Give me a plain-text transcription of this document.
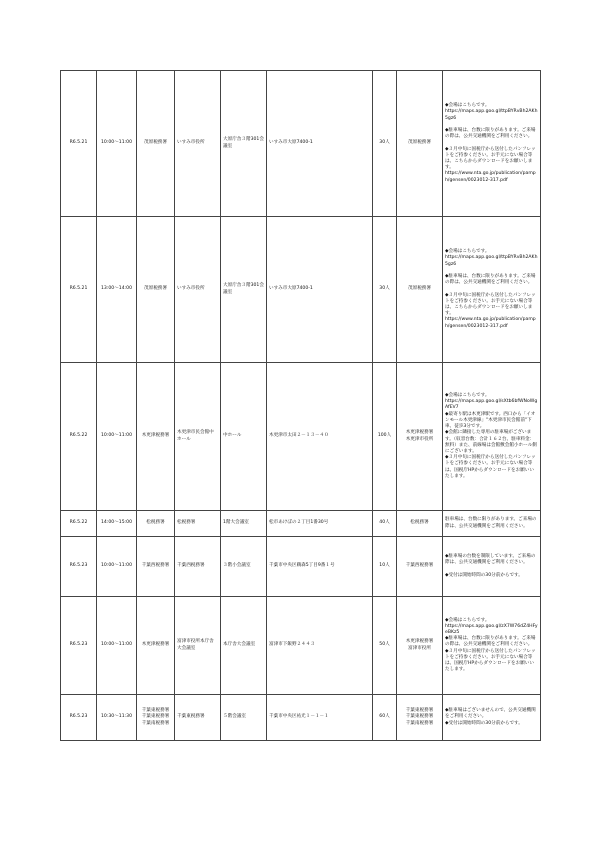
R6.5.21	10:00～11:00	茂原税務署	いすみ市役所	大原庁舎３階301会議室	いすみ市大原7400-1	30人	茂原税務署	◆会場はこちらです。
https://maps.app.goo.gl/ttpBYRvBh2AKh5gz6

◆駐車場は、台数に限りがあります。ご来場の際は、公共交通機関をご利用ください。

◆３月中旬に国税庁から送付したパンフレットをご持参ください。お手元にない場合等は、こちらからダウンロードをお願いします。
https://www.nta.go.jp/publication/pamph/gensen/0023012-317.pdf
R6.5.21	13:00～14:00	茂原税務署	いすみ市役所	大原庁舎３階301会議室	いすみ市大原7400-1	30人	茂原税務署	◆会場はこちらです。
https://maps.app.goo.gl/ttpBYRvBh2AKh5gz6

◆駐車場は、台数に限りがあります。ご来場の際は、公共交通機関をご利用ください。

◆３月中旬に国税庁から送付したパンフレットをご持参ください。お手元にない場合等は、こちらからダウンロードをお願いします。
https://www.nta.go.jp/publication/pamph/gensen/0023012-317.pdf
R6.5.22	10:00～11:00	木更津税務署	木更津市民会館中ホール	中ホール	木更津市太田２－１３－４０	100人	木更津税務署
木更津市役所	◆会場はこちらです。
https://maps.app.goo.gl/sXtb6bfWNoWgAfEV7
◆最寄り駅は木更津駅です。西口から「イオンモール木更津線」"木更津市民会館前"下車、徒歩3分です。
◆会館に隣接した専用の駐車場がございます。（収容台数：合計１６２台、駐車料金：無料）また、前線場は会館敷会館小ホール側にございます。
◆３月中旬に国税庁から送付したパンフレットをご持参ください。お手元にない場合等は、国税庁HPからダウンロードをお願いいたします。
R6.5.22	14:00～15:00	松税務署	松税務署	1階大会議室	松市あけぼの２丁目1番30号	40人	松税務署	駐車場は、台数に限りがあります。ご来場の際は、公共交通機関をご利用ください。
R6.5.23	10:00～11:00	千葉西税務署	千葉西税務署	３階小会議室	千葉市中央区鵜森5丁目9番１号	10人	千葉西税務署	◆駐車場の台数を制限しています。ご来場の際は、公共交通機関をご利用ください。

◆受付は開始時間の30分前からです。
R6.5.23	10:00～11:00	木更津税務署	富津市役所本庁舎大会議室	本庁舎大会議室	富津市下飯野２４４３	50人	木更津税務署
富津市役所	◆会場はこちらです。
https://maps.app.goo.gl/zX7W76dZ4HFyeBKz5
◆駐車場は、台数に限りがあります。ご来場の際は、公共交通機関をご利用ください。
◆３月中旬に国税庁から送付したパンフレットをご持参ください。お手元にない場合等は、国税庁HPからダウンロードをお願いいたします。
R6.5.23	10:30～11:30	千葉東税務署
千葉東税務署
千葉南税務署	千葉東税務署	５階会議室	千葉市中央区祐光１－１－１	60人	千葉東税務署
千葉東税務署
千葉南税務署	◆駐車場はございませんので、公共交通機関をご利用ください。
◆受付は開始時間の30分前からです。
